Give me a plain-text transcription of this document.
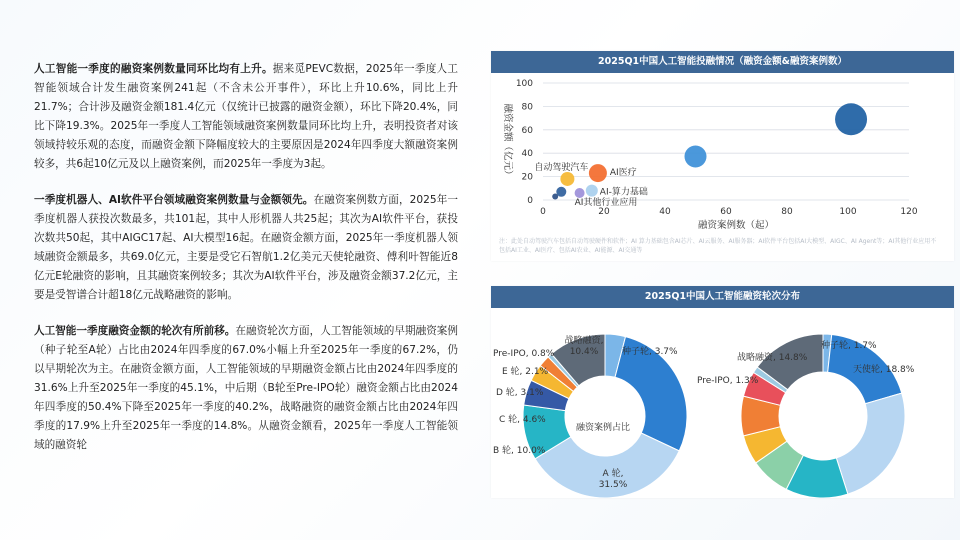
人工智能一季度的融资案例数量同环比均有上升。据来觅PEVC数据，2025年一季度人工智能领域合计发生融资案例241起（不含未公开事件），环比上升10.6%，同比上升21.7%；合计涉及融资金额181.4亿元（仅统计已披露的融资金额），环比下降20.4%，同比下降19.3%。2025年一季度人工智能领域融资案例数量同环比均上升，表明投资者对该领域持较乐观的态度，而融资金额下降幅度较大的主要原因是2024年四季度大额融资案例较多，共6起10亿元及以上融资案例，而2025年一季度为3起。

一季度机器人、AI软件平台领域融资案例数量与金额领先。在融资案例数方面，2025年一季度机器人获投次数最多，共101起，其中人形机器人共25起；其次为AI软件平台，获投次数共50起，其中AIGC17起、AI大模型16起。在融资金额方面，2025年一季度机器人领域融资金额最多，共69.0亿元，主要是受它石智航1.2亿美元天使轮融资、傅利叶智能近8亿元E轮融资的影响，且其融资案例较多；其次为AI软件平台，涉及融资金额37.2亿元，主要是受智谱合计超18亿元战略融资的影响。

人工智能一季度融资金额的轮次有所前移。在融资轮次方面，人工智能领域的早期融资案例（种子轮至A轮）占比由2024年四季度的67.0%小幅上升至2025年一季度的67.2%，仍以早期轮次为主。在融资金额方面，人工智能领域的早期融资金额占比由2024年四季度的31.6%上升至2025年一季度的45.1%，中后期（B轮至Pre-IPO轮）融资金额占比由2024年四季度的50.4%下降至2025年一季度的40.2%，战略融资的融资金额占比由2024年四季度的17.9%上升至2025年一季度的14.8%。从融资金额看，2025年一季度人工智能领域的融资轮

2025Q1中国人工智能投融情况（融资金额&融资案例数）
0
20
40
60
80
100
0	20	40	60	80	100	120
融资案例数（起）
融资金额（亿元）	AI医疗
自动驾驶汽车
AI-算力基础
AI其他行业应用
注：此处自动驾驶汽车包括自动驾驶硬件和软件；AI 算力基础包含AI芯片、AI云服务、AI服务器；AI软件平台包括AI大模型、AIGC、AI Agent等；AI其他行业应用不包括AI工业、AI医疗、包括AI农业、AI能源、AI交通等
2025Q1中国人工智能融资轮次分布
种子轮, 3.7%
A 轮, 31.5%
B 轮, 10.0%
C 轮, 4.6%
D 轮, 3.1%
E 轮, 2.1%
Pre-IPO, 0.8%
战略融资, 10.4%
融资案例占比
种子轮, 1.7%
天使轮, 18.8%
Pre-IPO, 1.3%
战略融资, 14.8%
